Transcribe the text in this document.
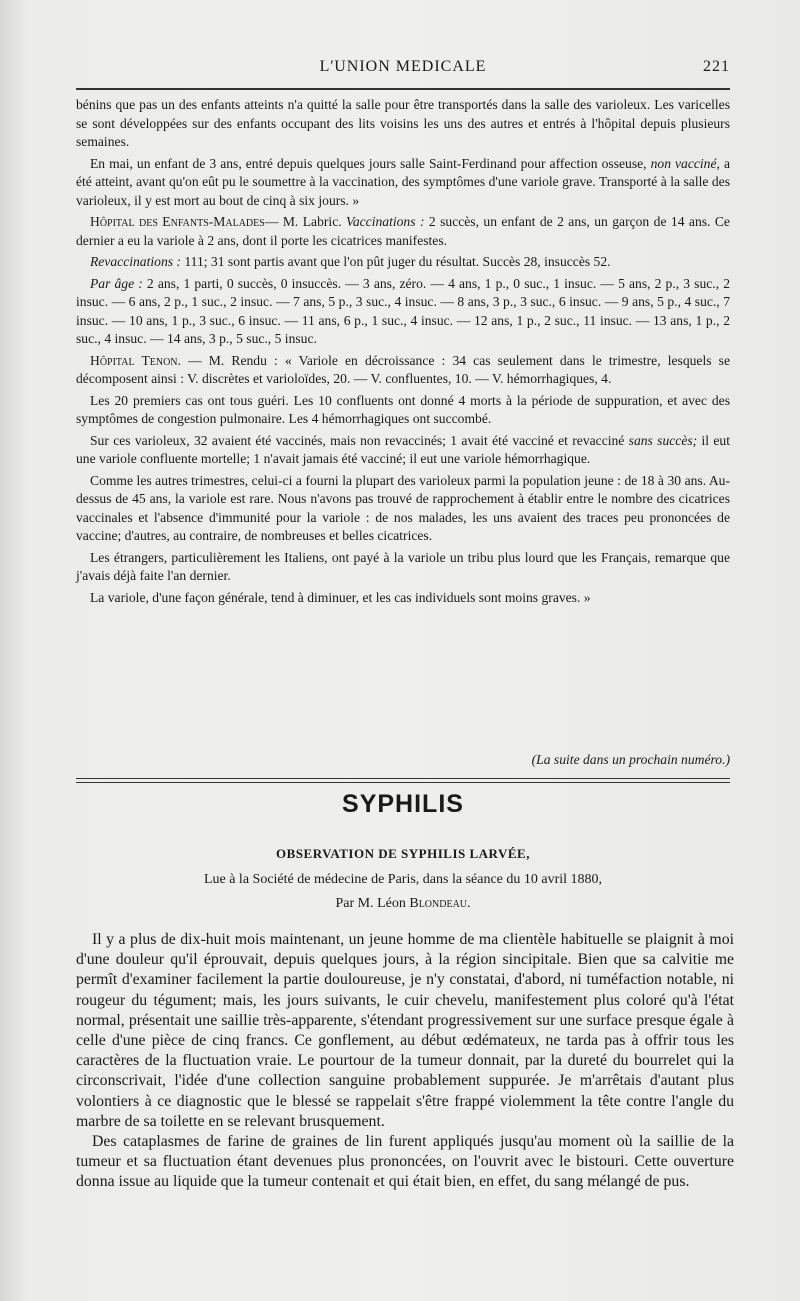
L'UNION MEDICALE	221

bénins que pas un des enfants atteints n'a quitté la salle pour être transportés dans la salle des varioleux. Les varicelles se sont développées sur des enfants occupant des lits voisins les uns des autres et entrés à l'hôpital depuis plusieurs semaines.

En mai, un enfant de 3 ans, entré depuis quelques jours salle Saint-Ferdinand pour affection osseuse, non vacciné, a été atteint, avant qu'on eût pu le soumettre à la vaccination, des symptômes d'une variole grave. Transporté à la salle des varioleux, il y est mort au bout de cinq à six jours. »

Hôpital des Enfants-Malades— M. Labric. Vaccinations : 2 succès, un enfant de 2 ans, un garçon de 14 ans. Ce dernier a eu la variole à 2 ans, dont il porte les cicatrices manifestes.

Revaccinations : 111; 31 sont partis avant que l'on pût juger du résultat. Succès 28, insuccès 52.

Par âge : 2 ans, 1 parti, 0 succès, 0 insuccès. — 3 ans, zéro. — 4 ans, 1 p., 0 suc., 1 insuc. — 5 ans, 2 p., 3 suc., 2 insuc. — 6 ans, 2 p., 1 suc., 2 insuc. — 7 ans, 5 p., 3 suc., 4 insuc. — 8 ans, 3 p., 3 suc., 6 insuc. — 9 ans, 5 p., 4 suc., 7 insuc. — 10 ans, 1 p., 3 suc., 6 insuc. — 11 ans, 6 p., 1 suc., 4 insuc. — 12 ans, 1 p., 2 suc., 11 insuc. — 13 ans, 1 p., 2 suc., 4 insuc. — 14 ans, 3 p., 5 suc., 5 insuc.

Hôpital Tenon. — M. Rendu : « Variole en décroissance : 34 cas seulement dans le trimestre, lesquels se décomposent ainsi : V. discrètes et varioloïdes, 20. — V. confluentes, 10. — V. hémorrhagiques, 4.

Les 20 premiers cas ont tous guéri. Les 10 confluents ont donné 4 morts à la période de suppuration, et avec des symptômes de congestion pulmonaire. Les 4 hémorrhagiques ont succombé.

Sur ces varioleux, 32 avaient été vaccinés, mais non revaccinés; 1 avait été vacciné et revacciné sans succès; il eut une variole confluente mortelle; 1 n'avait jamais été vacciné; il eut une variole hémorrhagique.

Comme les autres trimestres, celui-ci a fourni la plupart des varioleux parmi la population jeune : de 18 à 30 ans. Au-dessus de 45 ans, la variole est rare. Nous n'avons pas trouvé de rapprochement à établir entre le nombre des cicatrices vaccinales et l'absence d'immunité pour la variole : de nos malades, les uns avaient des traces peu prononcées de vaccine; d'autres, au contraire, de nombreuses et belles cicatrices.

Les étrangers, particulièrement les Italiens, ont payé à la variole un tribu plus lourd que les Français, remarque que j'avais déjà faite l'an dernier.

La variole, d'une façon générale, tend à diminuer, et les cas individuels sont moins graves. »

(La suite dans un prochain numéro.)
SYPHILIS
OBSERVATION DE SYPHILIS LARVÉE,
Lue à la Société de médecine de Paris, dans la séance du 10 avril 1880,
Par M. Léon Blondeau.

Il y a plus de dix-huit mois maintenant, un jeune homme de ma clientèle habituelle se plaignit à moi d'une douleur qu'il éprouvait, depuis quelques jours, à la région sincipitale. Bien que sa calvitie me permît d'examiner facilement la partie douloureuse, je n'y constatai, d'abord, ni tuméfaction notable, ni rougeur du tégument; mais, les jours suivants, le cuir chevelu, manifestement plus coloré qu'à l'état normal, présentait une saillie très-apparente, s'étendant progressivement sur une surface presque égale à celle d'une pièce de cinq francs. Ce gonflement, au début œdémateux, ne tarda pas à offrir tous les caractères de la fluctuation vraie. Le pourtour de la tumeur donnait, par la dureté du bourrelet qui la circonscrivait, l'idée d'une collection sanguine probablement suppurée. Je m'arrêtais d'autant plus volontiers à ce diagnostic que le blessé se rappelait s'être frappé violemment la tête contre l'angle du marbre de sa toilette en se relevant brusquement.

Des cataplasmes de farine de graines de lin furent appliqués jusqu'au moment où la saillie de la tumeur et sa fluctuation étant devenues plus prononcées, on l'ouvrit avec le bistouri. Cette ouverture donna issue au liquide que la tumeur contenait et qui était bien, en effet, du sang mélangé de pus.
